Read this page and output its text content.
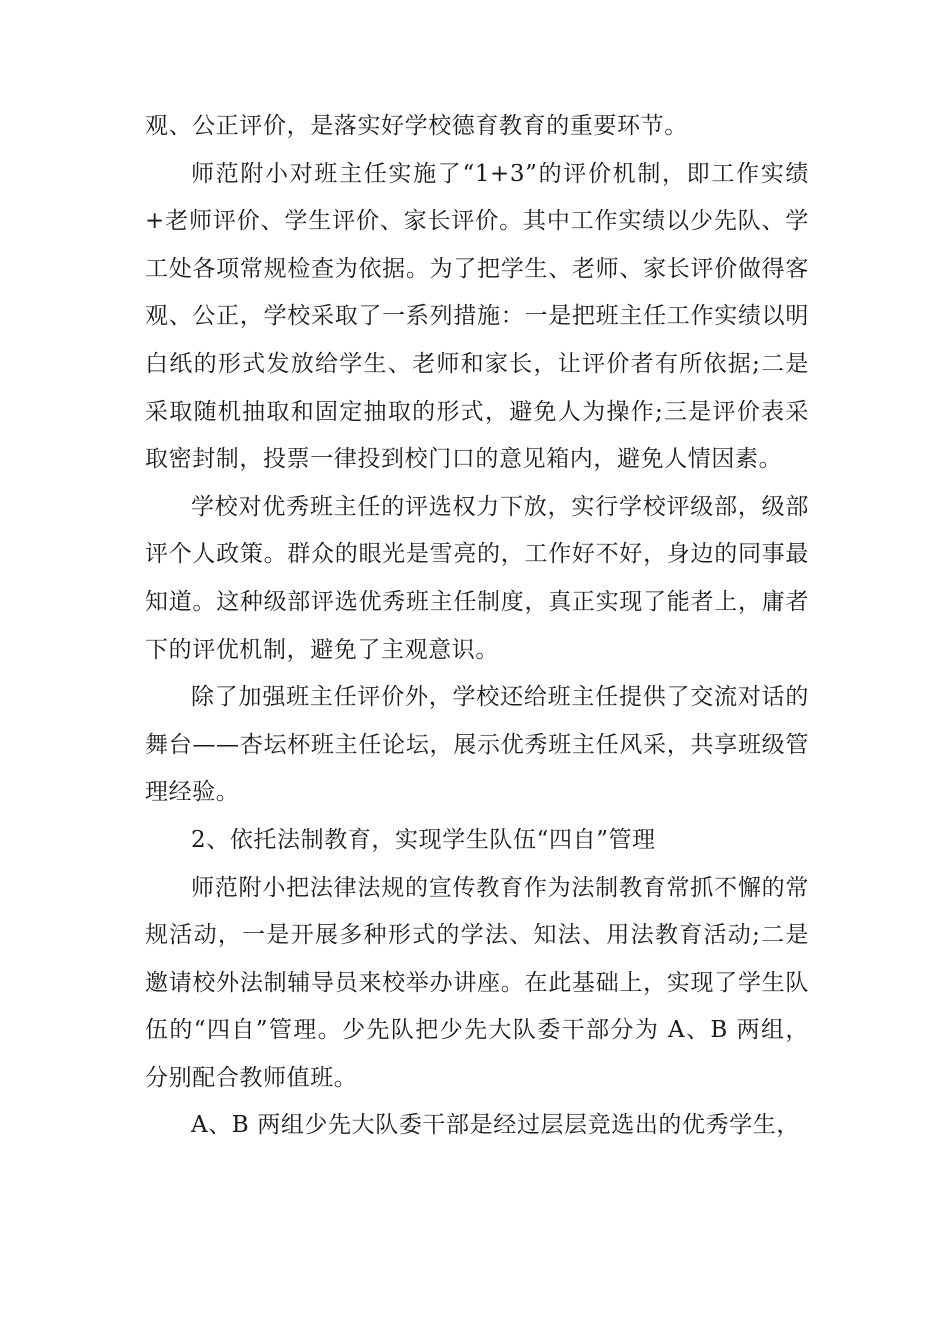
观、公正评价，是落实好学校德育教育的重要环节。

师范附小对班主任实施了“1+3”的评价机制，即工作实绩+老师评价、学生评价、家长评价。其中工作实绩以少先队、学工处各项常规检查为依据。为了把学生、老师、家长评价做得客观、公正，学校采取了一系列措施：一是把班主任工作实绩以明白纸的形式发放给学生、老师和家长，让评价者有所依据;二是采取随机抽取和固定抽取的形式，避免人为操作;三是评价表采取密封制，投票一律投到校门口的意见箱内，避免人情因素。

学校对优秀班主任的评选权力下放，实行学校评级部，级部评个人政策。群众的眼光是雪亮的，工作好不好，身边的同事最知道。这种级部评选优秀班主任制度，真正实现了能者上，庸者下的评优机制，避免了主观意识。

除了加强班主任评价外，学校还给班主任提供了交流对话的舞台——杏坛杯班主任论坛，展示优秀班主任风采，共享班级管理经验。

2、依托法制教育，实现学生队伍“四自”管理

师范附小把法律法规的宣传教育作为法制教育常抓不懈的常规活动，一是开展多种形式的学法、知法、用法教育活动;二是邀请校外法制辅导员来校举办讲座。在此基础上，实现了学生队伍的“四自”管理。少先队把少先大队委干部分为 A、B 两组，分别配合教师值班。

A、B 两组少先大队委干部是经过层层竞选出的优秀学生，
